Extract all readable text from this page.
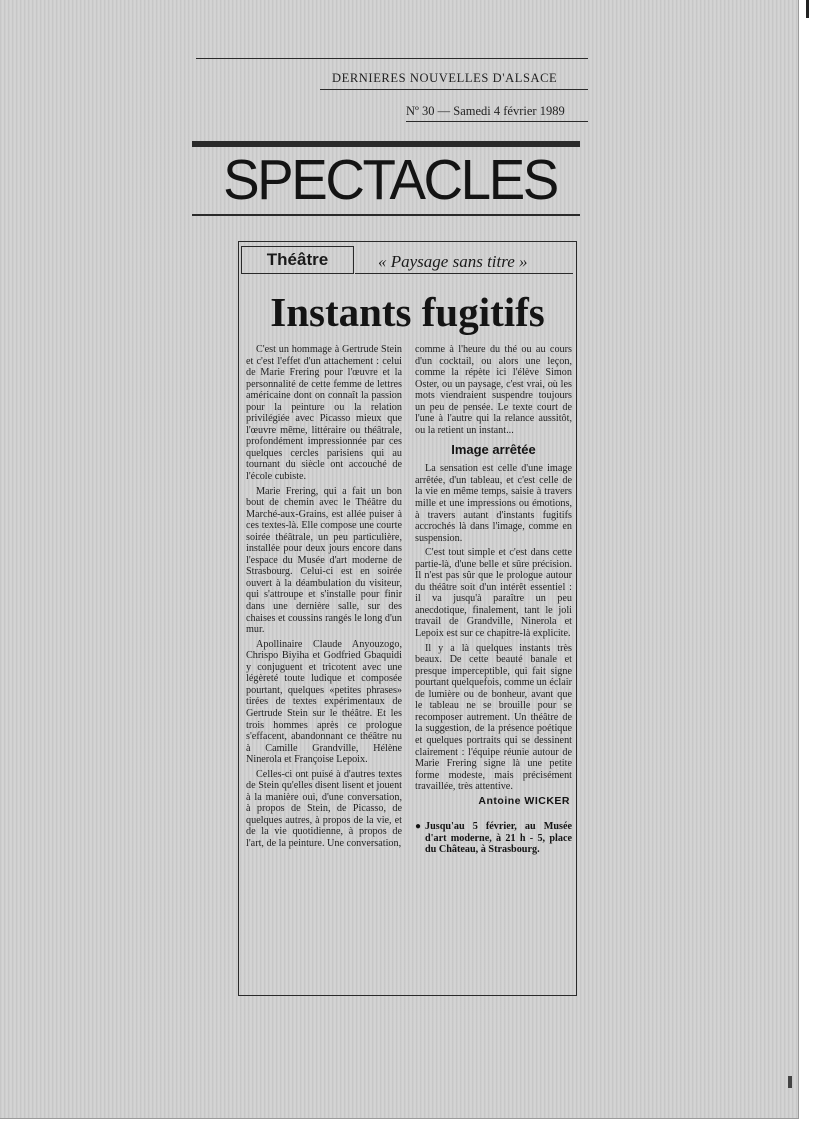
DERNIERES NOUVELLES D'ALSACE
Nº 30 — Samedi 4 février 1989
SPECTACLES
Théâtre	« Paysage sans titre »
Instants fugitifs

C'est un hommage à Gertrude Stein et c'est l'effet d'un attachement : celui de Marie Frering pour l'œuvre et la personnalité de cette femme de lettres américaine dont on connaît la passion pour la peinture ou la relation privilégiée avec Picasso mieux que l'œuvre même, littéraire ou théâtrale, profondément impressionnée par ces quelques cercles parisiens qui au tournant du siècle ont accouché de l'école cubiste.

Marie Frering, qui a fait un bon bout de chemin avec le Théâtre du Marché-aux-Grains, est allée puiser à ces textes-là. Elle compose une courte soirée théâtrale, un peu particulière, installée pour deux jours encore dans l'espace du Musée d'art moderne de Strasbourg. Celui-ci est en soirée ouvert à la déambulation du visiteur, qui s'attroupe et s'installe pour finir dans une dernière salle, sur des chaises et coussins rangés le long d'un mur.

Apollinaire Claude Anyouzogo, Chrispo Biyiha et Godfried Gbaquidi y conjuguent et tricotent avec une légèreté toute ludique et composée pourtant, quelques «petites phrases» tirées de textes expérimentaux de Gertrude Stein sur le théâtre. Et les trois hommes après ce prologue s'effacent, abandonnant ce théâtre nu à Camille Grandville, Hélène Ninerola et Françoise Lepoix.

Celles-ci ont puisé à d'autres textes de Stein qu'elles disent lisent et jouent à la manière oui, d'une conversation, à propos de Stein, de Picasso, de quelques autres, à propos de la vie, et de la vie quotidienne, à propos de l'art, de la peinture. Une conversation,

comme à l'heure du thé ou au cours d'un cocktail, ou alors une leçon, comme la répète ici l'élève Simon Oster, ou un paysage, c'est vrai, où les mots viendraient suspendre toujours un peu de pensée. Le texte court de l'une à l'autre qui la relance aussitôt, ou la retient un instant...

Image arrêtée

La sensation est celle d'une image arrêtée, d'un tableau, et c'est celle de la vie en même temps, saisie à travers mille et une impressions ou émotions, à travers autant d'instants fugitifs accrochés là dans l'image, comme en suspension.

C'est tout simple et c'est dans cette partie-là, d'une belle et sûre précision. Il n'est pas sûr que le prologue autour du théâtre soit d'un intérêt essentiel : il va jusqu'à paraître un peu anecdotique, finalement, tant le joli travail de Grandville, Ninerola et Lepoix est sur ce chapitre-là explicite.

Il y a là quelques instants très beaux. De cette beauté banale et presque imperceptible, qui fait signe pourtant quelquefois, comme un éclair de lumière ou de bonheur, avant que le tableau ne se brouille pour se recomposer autrement. Un théâtre de la suggestion, de la présence poétique et quelques portraits qui se dessinent clairement : l'équipe réunie autour de Marie Frering signe là une petite forme modeste, mais précisément travaillée, très attentive.

Antoine WICKER
● Jusqu'au 5 février, au Musée d'art moderne, à 21 h - 5, place du Château, à Strasbourg.
